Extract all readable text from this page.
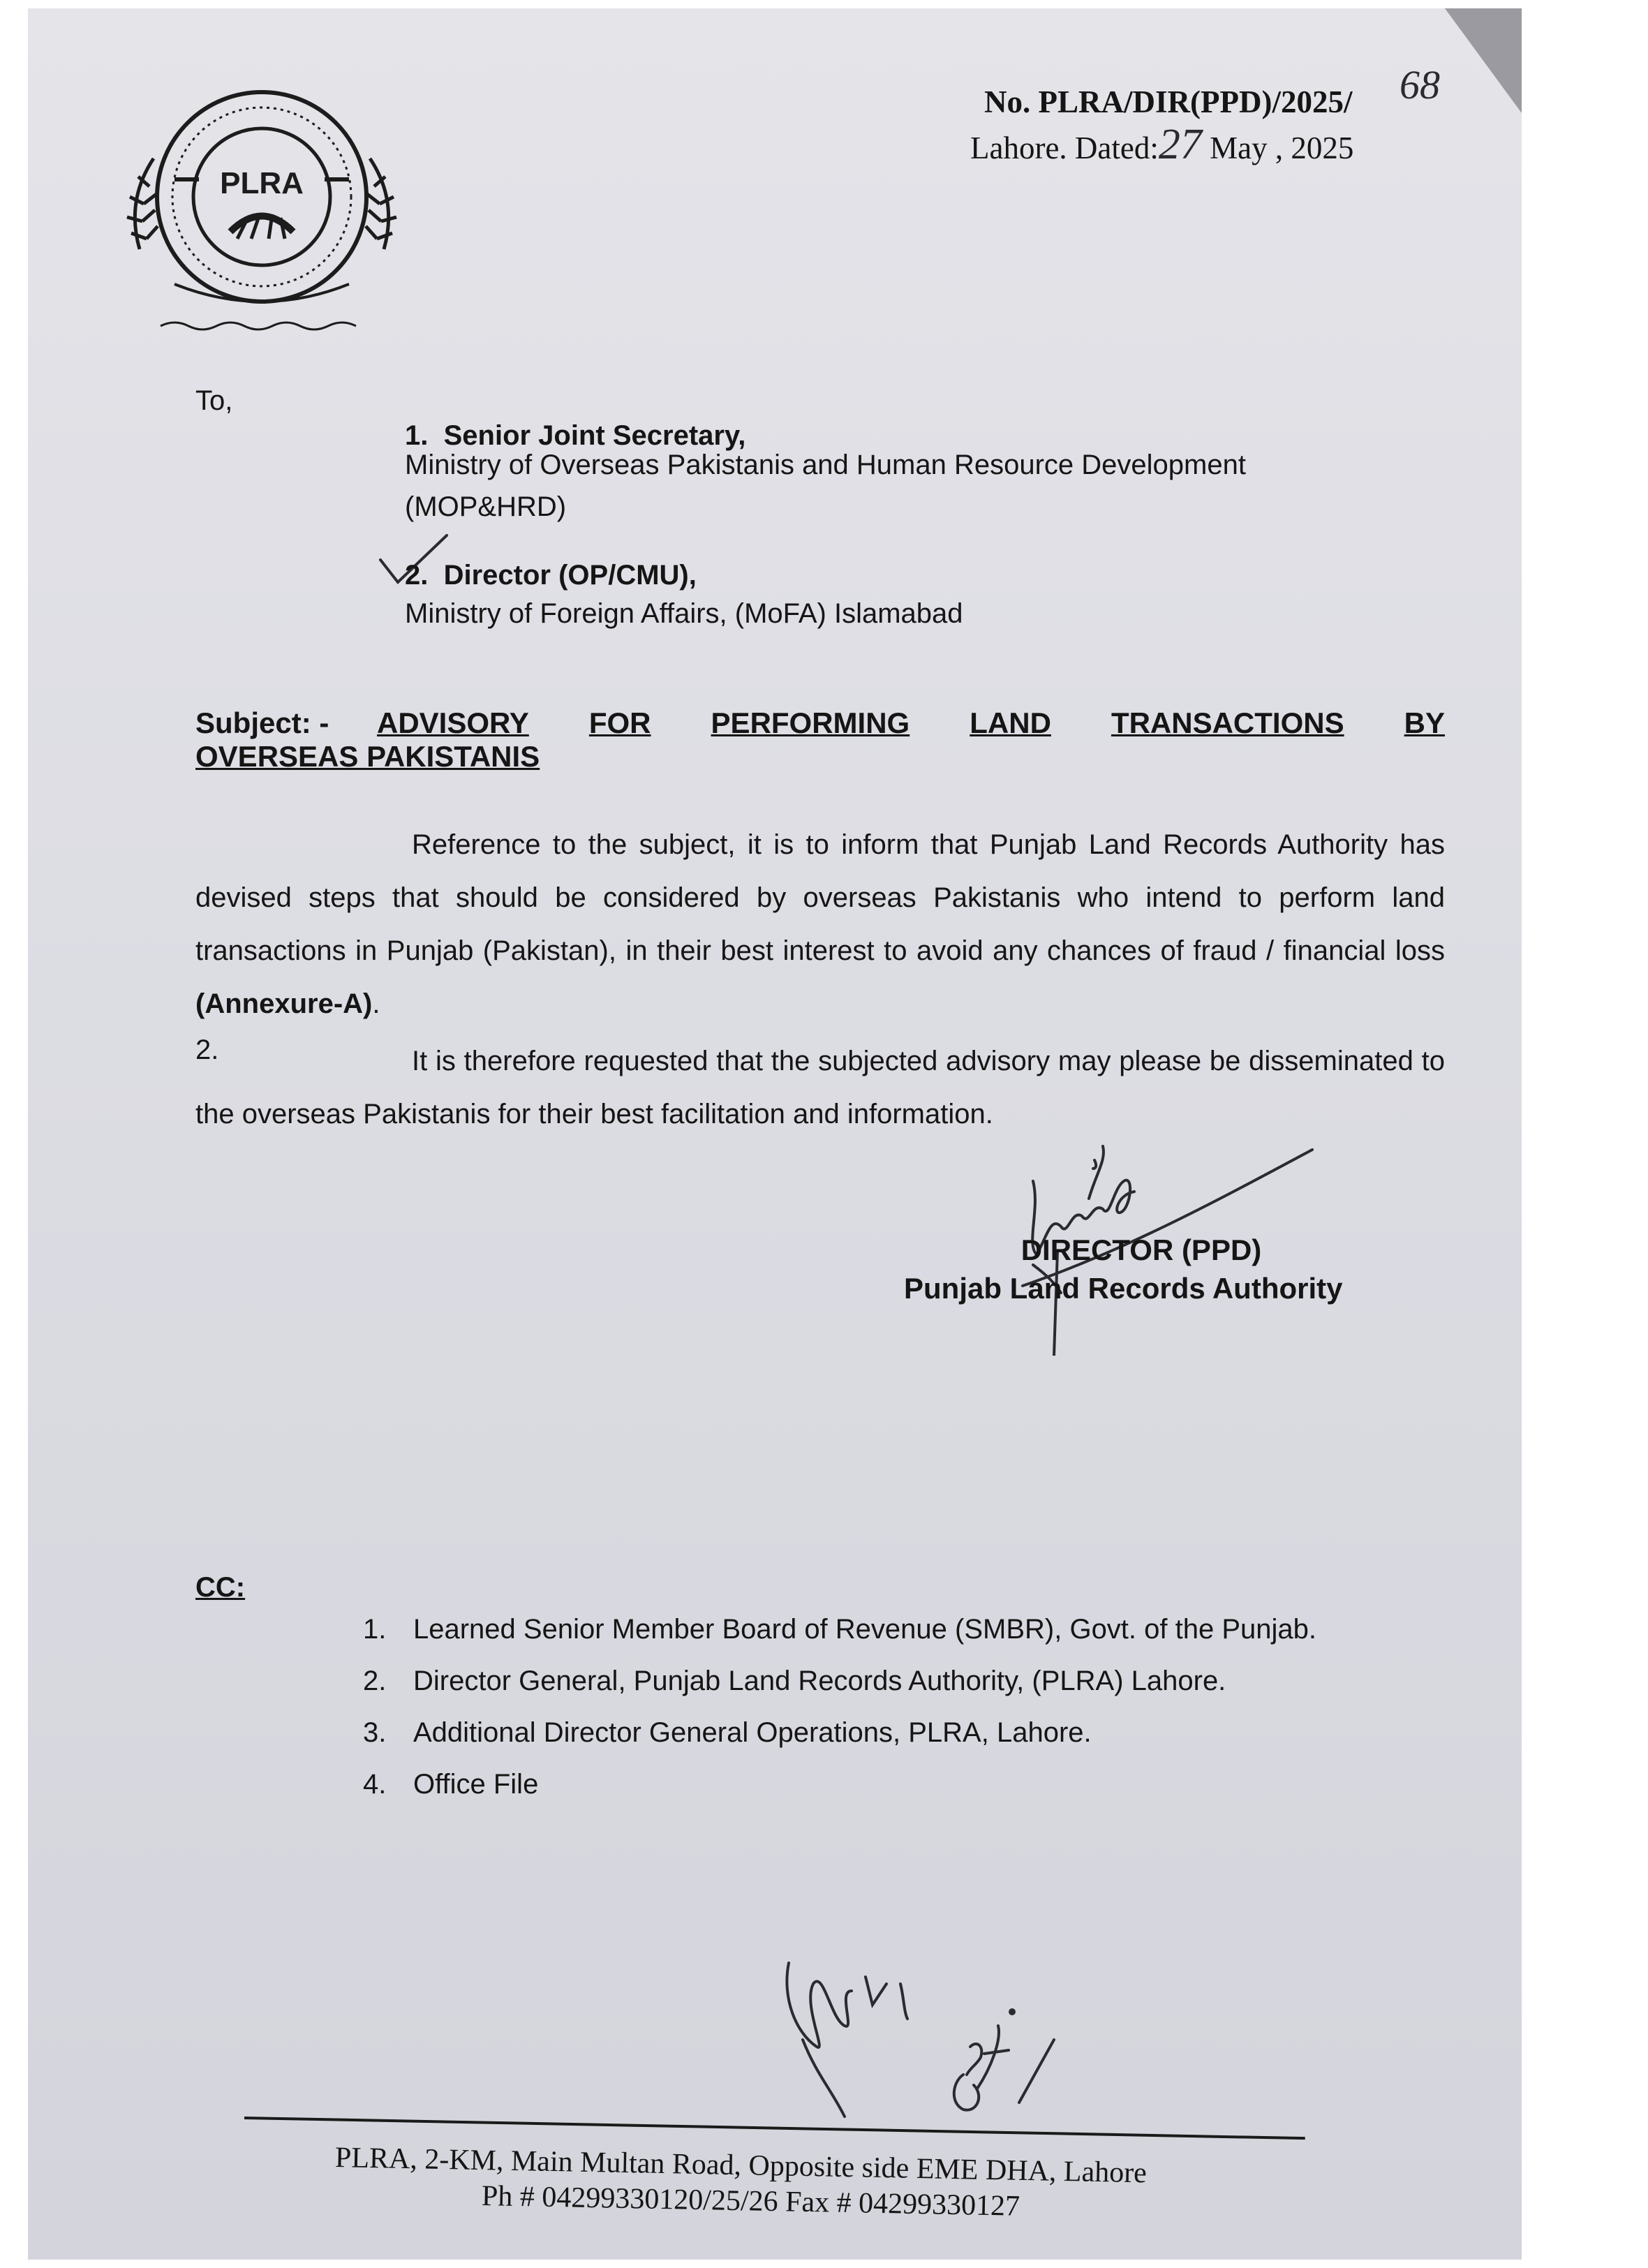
PLRA
No. PLRA/DIR(PPD)/2025/ 68
Lahore. Dated:27 May , 2025
To,
1. Senior Joint Secretary,
Ministry of Overseas Pakistanis and Human Resource Development
(MOP&HRD)
2. Director (OP/CMU),
Ministry of Foreign Affairs, (MoFA) Islamabad
Subject: -	ADVISORY FOR PERFORMING LAND TRANSACTIONS BY
OVERSEAS PAKISTANIS
Reference to the subject, it is to inform that Punjab Land Records Authority has devised steps that should be considered by overseas Pakistanis who intend to perform land transactions in Punjab (Pakistan), in their best interest to avoid any chances of fraud / financial loss (Annexure-A).
2.	It is therefore requested that the subjected advisory may please be disseminated to the overseas Pakistanis for their best facilitation and information.
DIRECTOR (PPD)
Punjab Land Records Authority
CC:
1. Learned Senior Member Board of Revenue (SMBR), Govt. of the Punjab.
2. Director General, Punjab Land Records Authority, (PLRA) Lahore.
3. Additional Director General Operations, PLRA, Lahore.
4. Office File
PLRA, 2-KM, Main Multan Road, Opposite side EME DHA, Lahore
Ph # 04299330120/25/26 Fax # 04299330127
